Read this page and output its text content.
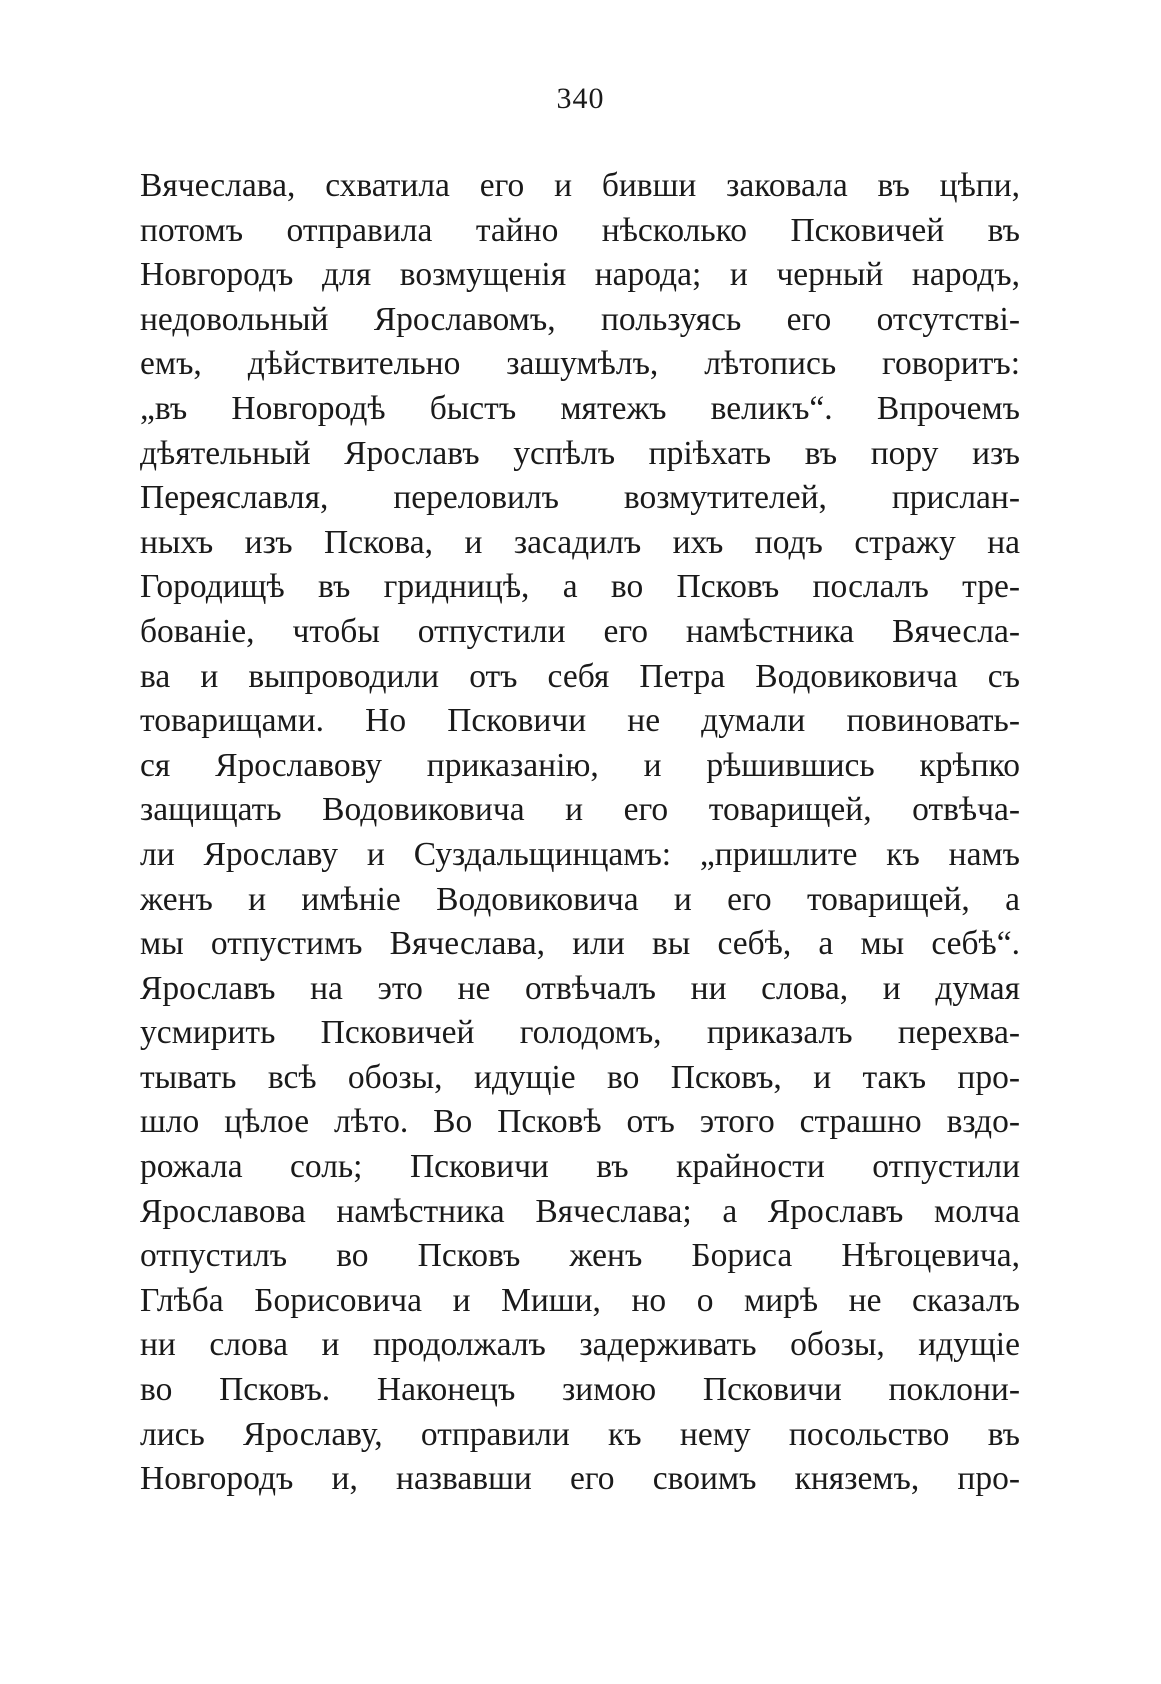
340
Вячеслава, схватила его и бивши заковала въ цѣпи,
потомъ отправила тайно нѣсколько Псковичей въ
Новгородъ для возмущенія народа; и черный народъ,
недовольный Ярославомъ, пользуясь его отсутствi-
емъ, дѣйствительно зашумѣлъ, лѣтопись говоритъ:
„въ Новгородѣ быстъ мятежъ великъ“. Впрочемъ
дѣятельный Ярославъ успѣлъ прiѣхать въ пору изъ
Переяславля, переловилъ возмутителей, прислан-
ныхъ изъ Пскова, и засадилъ ихъ подъ стражу на
Городищѣ въ гридницѣ, а во Псковъ послалъ тре-
бованiе, чтобы отпустили его намѣстника Вячесла-
ва и выпроводили отъ себя Петра Водовиковича съ
товарищами. Но Псковичи не думали повиновать-
ся Ярославову приказанiю, и рѣшившись крѣпко
защищать Водовиковича и его товарищей, отвѣча-
ли Ярославу и Суздальщинцамъ: „пришлите къ намъ
женъ и имѣнiе Водовиковича и его товарищей, а
мы отпустимъ Вячеслава, или вы себѣ, а мы себѣ“.
Ярославъ на это не отвѣчалъ ни слова, и думая
усмирить Псковичей голодомъ, приказалъ перехва-
тывать всѣ обозы, идущiе во Псковъ, и такъ про-
шло цѣлое лѣто. Во Псковѣ отъ этого страшно вздо-
рожала соль; Псковичи въ крайности отпустили
Ярославова намѣстника Вячеслава; а Ярославъ молча
отпустилъ во Псковъ женъ Бориса Нѣгоцевича,
Глѣба Борисовича и Миши, но о мирѣ не сказалъ
ни слова и продолжалъ задерживать обозы, идущiе
во Псковъ. Наконецъ зимою Псковичи поклони-
лись Ярославу, отправили къ нему посольство въ
Новгородъ и, назвавши его своимъ княземъ, про-
